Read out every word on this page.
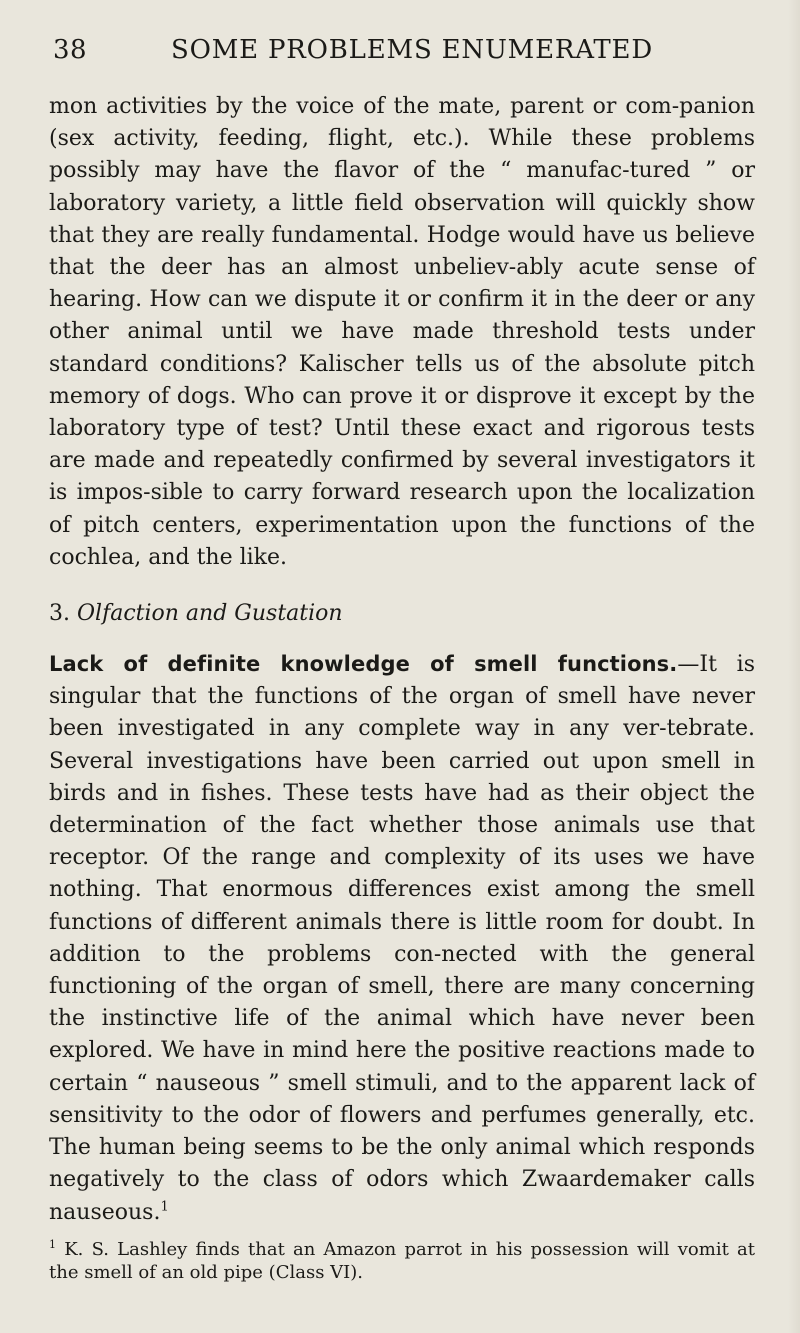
38	SOME PROBLEMS ENUMERATED

mon activities by the voice of the mate, parent or com-panion (sex activity, feeding, flight, etc.). While these problems possibly may have the flavor of the “ manufac-tured ” or laboratory variety, a little field observation will quickly show that they are really fundamental. Hodge would have us believe that the deer has an almost unbeliev-ably acute sense of hearing. How can we dispute it or confirm it in the deer or any other animal until we have made threshold tests under standard conditions? Kalischer tells us of the absolute pitch memory of dogs. Who can prove it or disprove it except by the laboratory type of test? Until these exact and rigorous tests are made and repeatedly confirmed by several investigators it is impos-sible to carry forward research upon the localization of pitch centers, experimentation upon the functions of the cochlea, and the like.

3. Olfaction and Gustation

Lack of definite knowledge of smell functions.—It is singular that the functions of the organ of smell have never been investigated in any complete way in any ver-tebrate. Several investigations have been carried out upon smell in birds and in fishes. These tests have had as their object the determination of the fact whether those animals use that receptor. Of the range and complexity of its uses we have nothing. That enormous differences exist among the smell functions of different animals there is little room for doubt. In addition to the problems con-nected with the general functioning of the organ of smell, there are many concerning the instinctive life of the animal which have never been explored. We have in mind here the positive reactions made to certain “ nauseous ” smell stimuli, and to the apparent lack of sensitivity to the odor of flowers and perfumes generally, etc. The human being seems to be the only animal which responds negatively to the class of odors which Zwaardemaker calls nauseous.$^1$

$^1$ K. S. Lashley finds that an Amazon parrot in his possession will vomit at the smell of an old pipe (Class VI).
